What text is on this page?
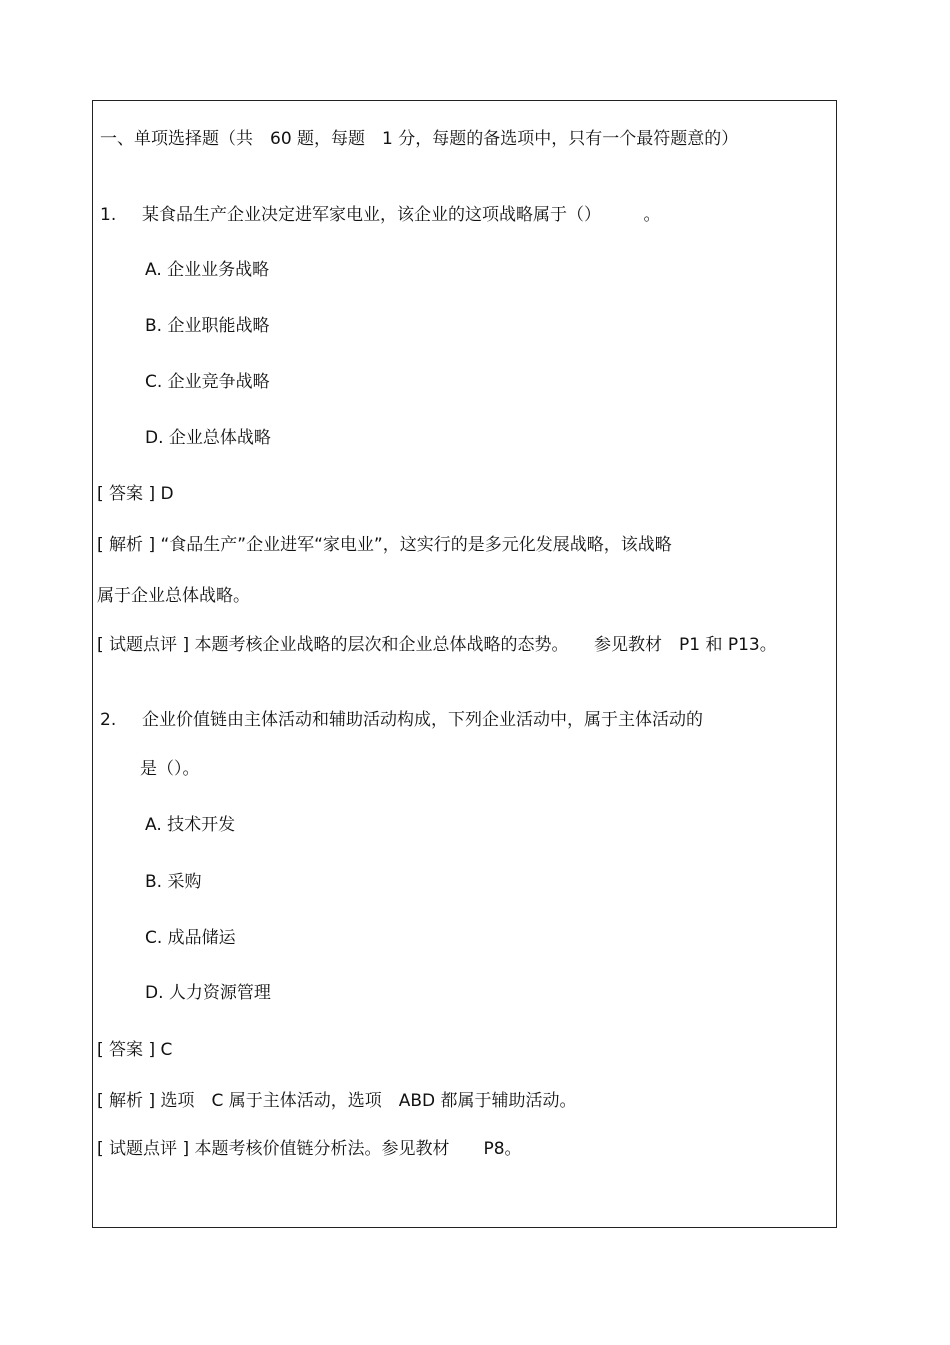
一、单项选择题（共　60 题，每题　1 分，每题的备选项中，只有一个最符题意的）
1. 某食品生产企业决定进军家电业，该企业的这项战略属于（）　　　。
A. 企业业务战略
B. 企业职能战略
C. 企业竞争战略
D. 企业总体战略
[ 答案 ] D
[ 解析 ] “食品生产”企业进军“家电业”，这实行的是多元化发展战略，该战略
属于企业总体战略。
[ 试题点评 ] 本题考核企业战略的层次和企业总体战略的态势。　　参见教材　P1 和 P13。
2. 企业价值链由主体活动和辅助活动构成，下列企业活动中，属于主体活动的
是（）。
A. 技术开发
B. 采购
C. 成品储运
D. 人力资源管理
[ 答案 ] C
[ 解析 ] 选项　C 属于主体活动，选项　ABD 都属于辅助活动。
[ 试题点评 ] 本题考核价值链分析法。参见教材　　P8。
